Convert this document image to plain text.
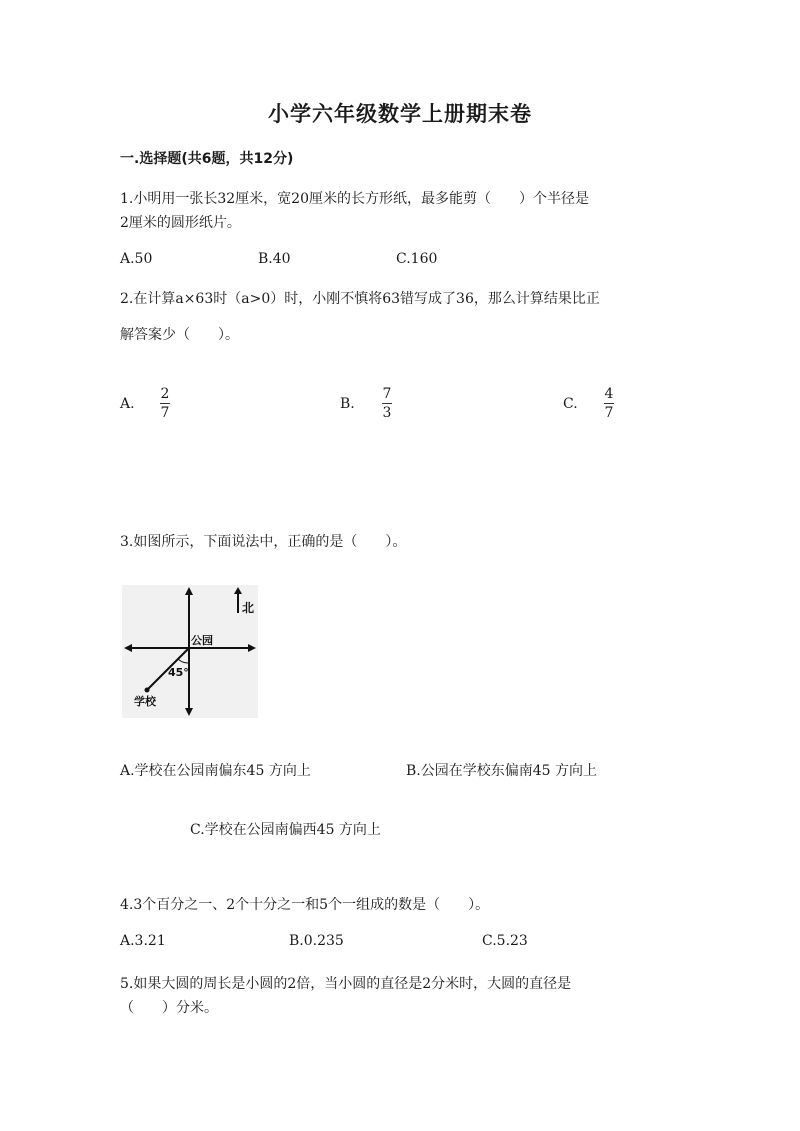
小学六年级数学上册期末卷
一.选择题(共6题，共12分)
1.小明用一张长32厘米，宽20厘米的长方形纸，最多能剪（　　）个半径是
2厘米的圆形纸片。
A.50	B.40	C.160
2.在计算a×63时（a>0）时，小刚不慎将63错写成了36，那么计算结果比正
解答案少（　　）。
A.
2
7
B.
7
3
C.
4
7
3.如图所示，下面说法中，正确的是（　　）。
北
公园
45°
学校
A.学校在公园南偏东45 方向上	B.公园在学校东偏南45 方向上
C.学校在公园南偏西45 方向上
4.3个百分之一、2个十分之一和5个一组成的数是（　　）。
A.3.21	B.0.235	C.5.23
5.如果大圆的周长是小圆的2倍，当小圆的直径是2分米时，大圆的直径是
（　　）分米。
